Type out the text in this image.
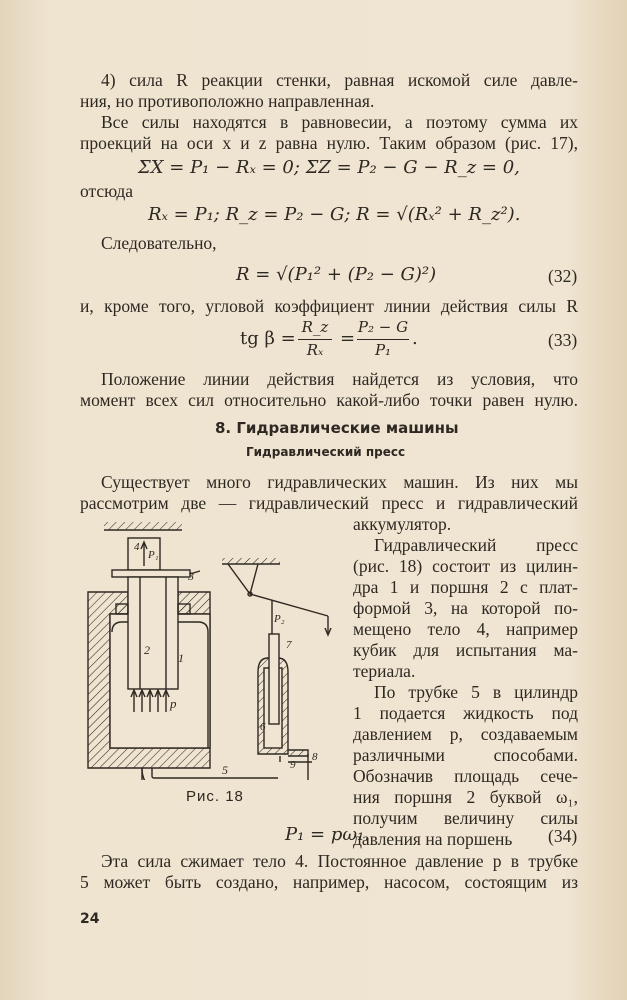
4) сила R реакции стенки, равная искомой силе давле-
ния, но противоположно направленная.
Все силы находятся в равновесии, а поэтому сумма их
проекций на оси x и z равна нулю. Таким образом (рис. 17),
ΣX = P₁ − Rₓ = 0; ΣZ = P₂ − G − R_z = 0,
отсюда
Rₓ = P₁; R_z = P₂ − G; R = √(Rₓ² + R_z²).
Следовательно,
R = √(P₁² + (P₂ − G)²)	(32)
и, кроме того, угловой коэффициент линии действия силы R
tg β =
R_z
Rₓ
=
P₂ − G
P₁
.	(33)
Положение линии действия найдется из условия, что
момент всех сил относительно какой-либо точки равен нулю.
8. Гидравлические машины
Гидравлический пресс
Существует много гидравлических машин. Из них мы
рассмотрим две — гидравлический пресс и гидравлический
аккумулятор.
Гидравлический пресс
(рис. 18) состоит из цилин-
дра 1 и поршня 2 с плат-
формой 3, на которой по-
мещено тело 4, например
кубик для испытания ма-
териала.
По трубке 5 в цилиндр
1 подается жидкость под
давлением p, создаваемым
различными способами.
Обозначив площадь сече-
ния поршня 2 буквой ω₁,
получим величину силы
давления на поршень
4
P₁
3
2
1
p
P₂
7
6
5	9
8
Рис. 18
P₁ = pω₁.	(34)
Эта сила сжимает тело 4. Постоянное давление p в трубке
5 может быть создано, например, насосом, состоящим из
24
